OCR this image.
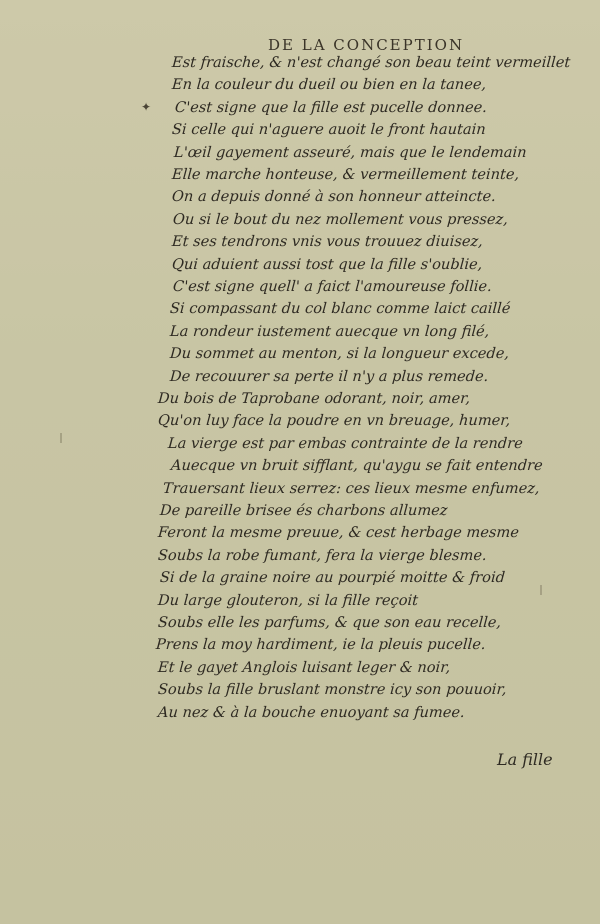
DE LA CONCEPTION
✦
Est fraische, & n'est changé son beau teint vermeillet
En la couleur du dueil ou bien en la tanee,
C'est signe que la fille est pucelle donnee.
Si celle qui n'aguere auoit le front hautain
L'œil gayement asseuré, mais que le lendemain
Elle marche honteuse, & vermeillement teinte,
On a depuis donné à son honneur atteincte.
Ou si le bout du nez mollement vous pressez,
Et ses tendrons vnis vous trouuez diuisez,
Qui aduient aussi tost que la fille s'oublie,
C'est signe quell' a faict l'amoureuse follie.
Si compassant du col blanc comme laict caillé
La rondeur iustement auecque vn long filé,
Du sommet au menton, si la longueur excede,
De recouurer sa perte il n'y a plus remede.
Du bois de Taprobane odorant, noir, amer,
Qu'on luy face la poudre en vn breuage, humer,
La vierge est par embas contrainte de la rendre
Auecque vn bruit sifflant, qu'aygu se fait entendre
Trauersant lieux serrez: ces lieux mesme enfumez,
De pareille brisee és charbons allumez
Feront la mesme preuue, & cest herbage mesme
Soubs la robe fumant, fera la vierge blesme.
Si de la graine noire au pourpié moitte & froid
Du large glouteron, si la fille reçoit
Soubs elle les parfums, & que son eau recelle,
Prens la moy hardiment, ie la pleuis pucelle.
Et le gayet Anglois luisant leger & noir,
Soubs la fille bruslant monstre icy son pouuoir,
Au nez & à la bouche enuoyant sa fumee.
La fille
